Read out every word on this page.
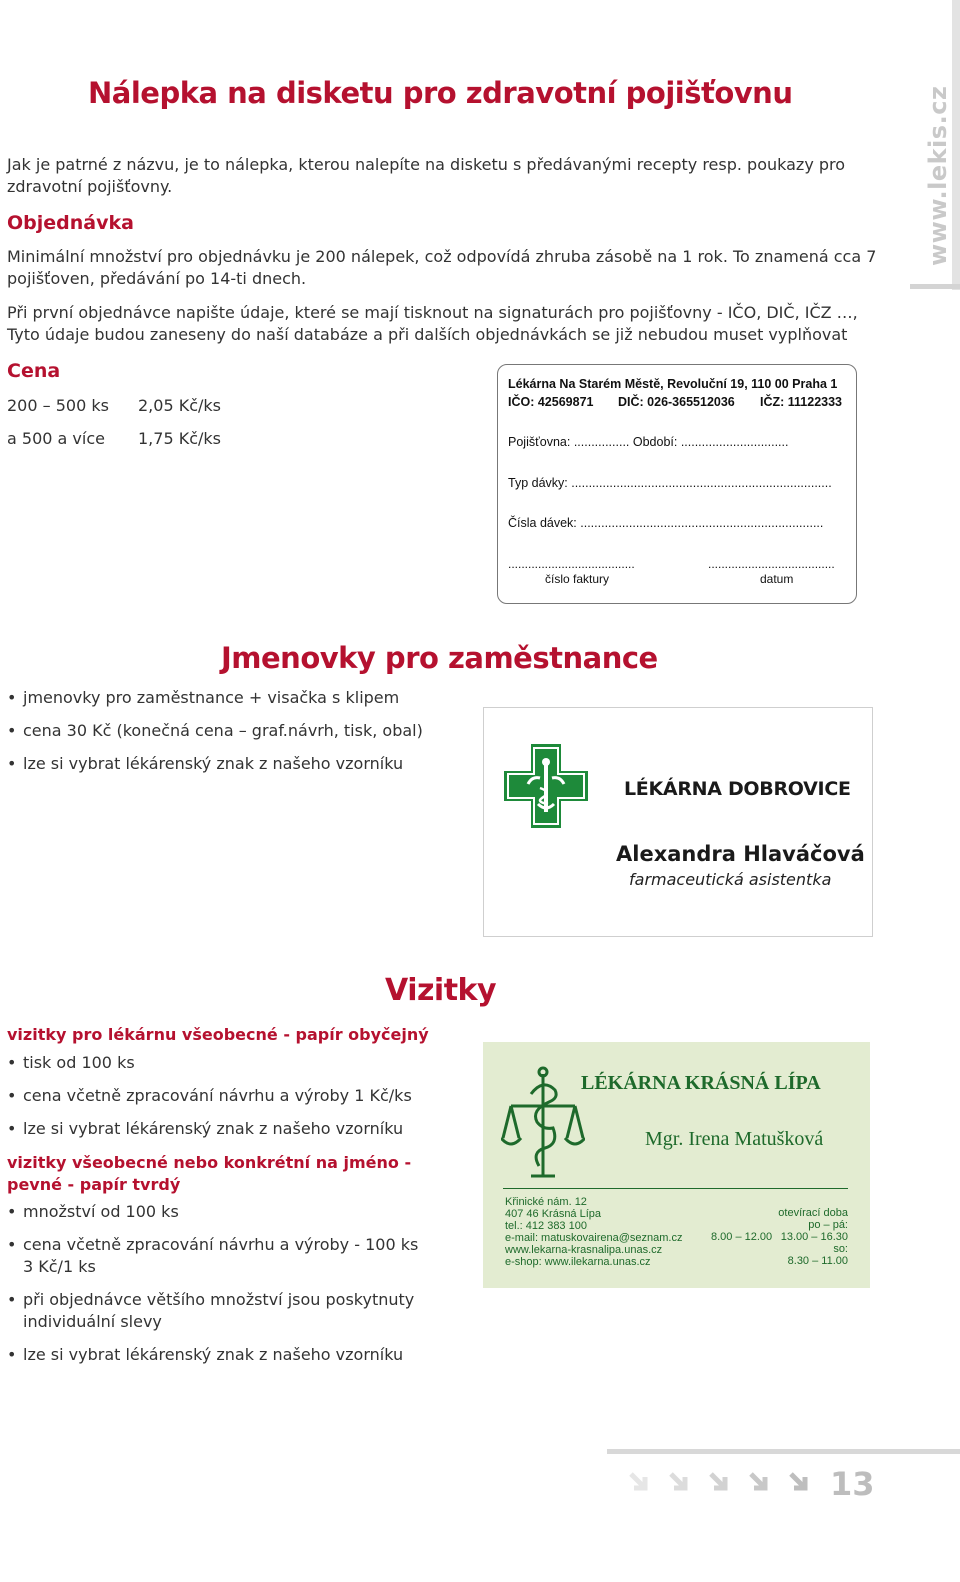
www.lekis.cz
Nálepka na disketu pro zdravotní pojišťovnu
Jak je patrné z názvu, je to nálepka, kterou nalepíte na disketu s předávanými recepty resp. poukazy pro zdravotní pojišťovny.
Objednávka
Minimální množství pro objednávku je 200 nálepek, což odpovídá zhruba zásobě na 1 rok. To znamená cca 7 pojišťoven, předávání po 14-ti dnech.
Při první objednávce napište údaje, které se mají tisknout na signaturách pro pojišťovny - IČO, DIČ, IČZ …, Tyto údaje budou zaneseny do naší databáze a při dalších objednávkách se již nebudou muset vyplňovat
Cena
200 – 500 ks 2,05 Kč/ks
a 500 a více 1,75 Kč/ks
Lékárna Na Starém Městě, Revoluční 19, 110 00 Praha 1
IČO: 42569871 DIČ: 026-365512036 IČZ: 11122333
Pojišťovna: ................ Období: ...............................
Typ dávky: ...........................................................................
Čísla dávek: ......................................................................
......................................	......................................
číslo faktury	datum
Jmenovky pro zaměstnance
• jmenovky pro zaměstnance + visačka s klipem
• cena 30 Kč (konečná cena – graf.návrh, tisk, obal)
• lze si vybrat lékárenský znak z našeho vzorníku
LÉKÁRNA DOBROVICE
Alexandra Hlaváčová
farmaceutická asistentka
Vizitky
vizitky pro lékárnu všeobecné - papír obyčejný
• tisk od 100 ks
• cena včetně zpracování návrhu a výroby 1 Kč/ks
• lze si vybrat lékárenský znak z našeho vzorníku
vizitky všeobecné nebo konkrétní na jméno - pevné - papír tvrdý
• množství od 100 ks
• cena včetně zpracování návrhu a výroby - 100 ks 3 Kč/1 ks
• při objednávce většího množství jsou poskytnuty individuální slevy
• lze si vybrat lékárenský znak z našeho vzorníku
LÉKÁRNA KRÁSNÁ LÍPA
Mgr. Irena Matušková
Křinické nám. 12
407 46 Krásná Lípa
tel.: 412 383 100
e-mail: matuskovairena@seznam.cz
www.lekarna-krasnalipa.unas.cz
e-shop: www.ilekarna.unas.cz
otevírací doba
po – pá:
8.00 – 12.00 13.00 – 16.30
so:
8.30 – 11.00
13
